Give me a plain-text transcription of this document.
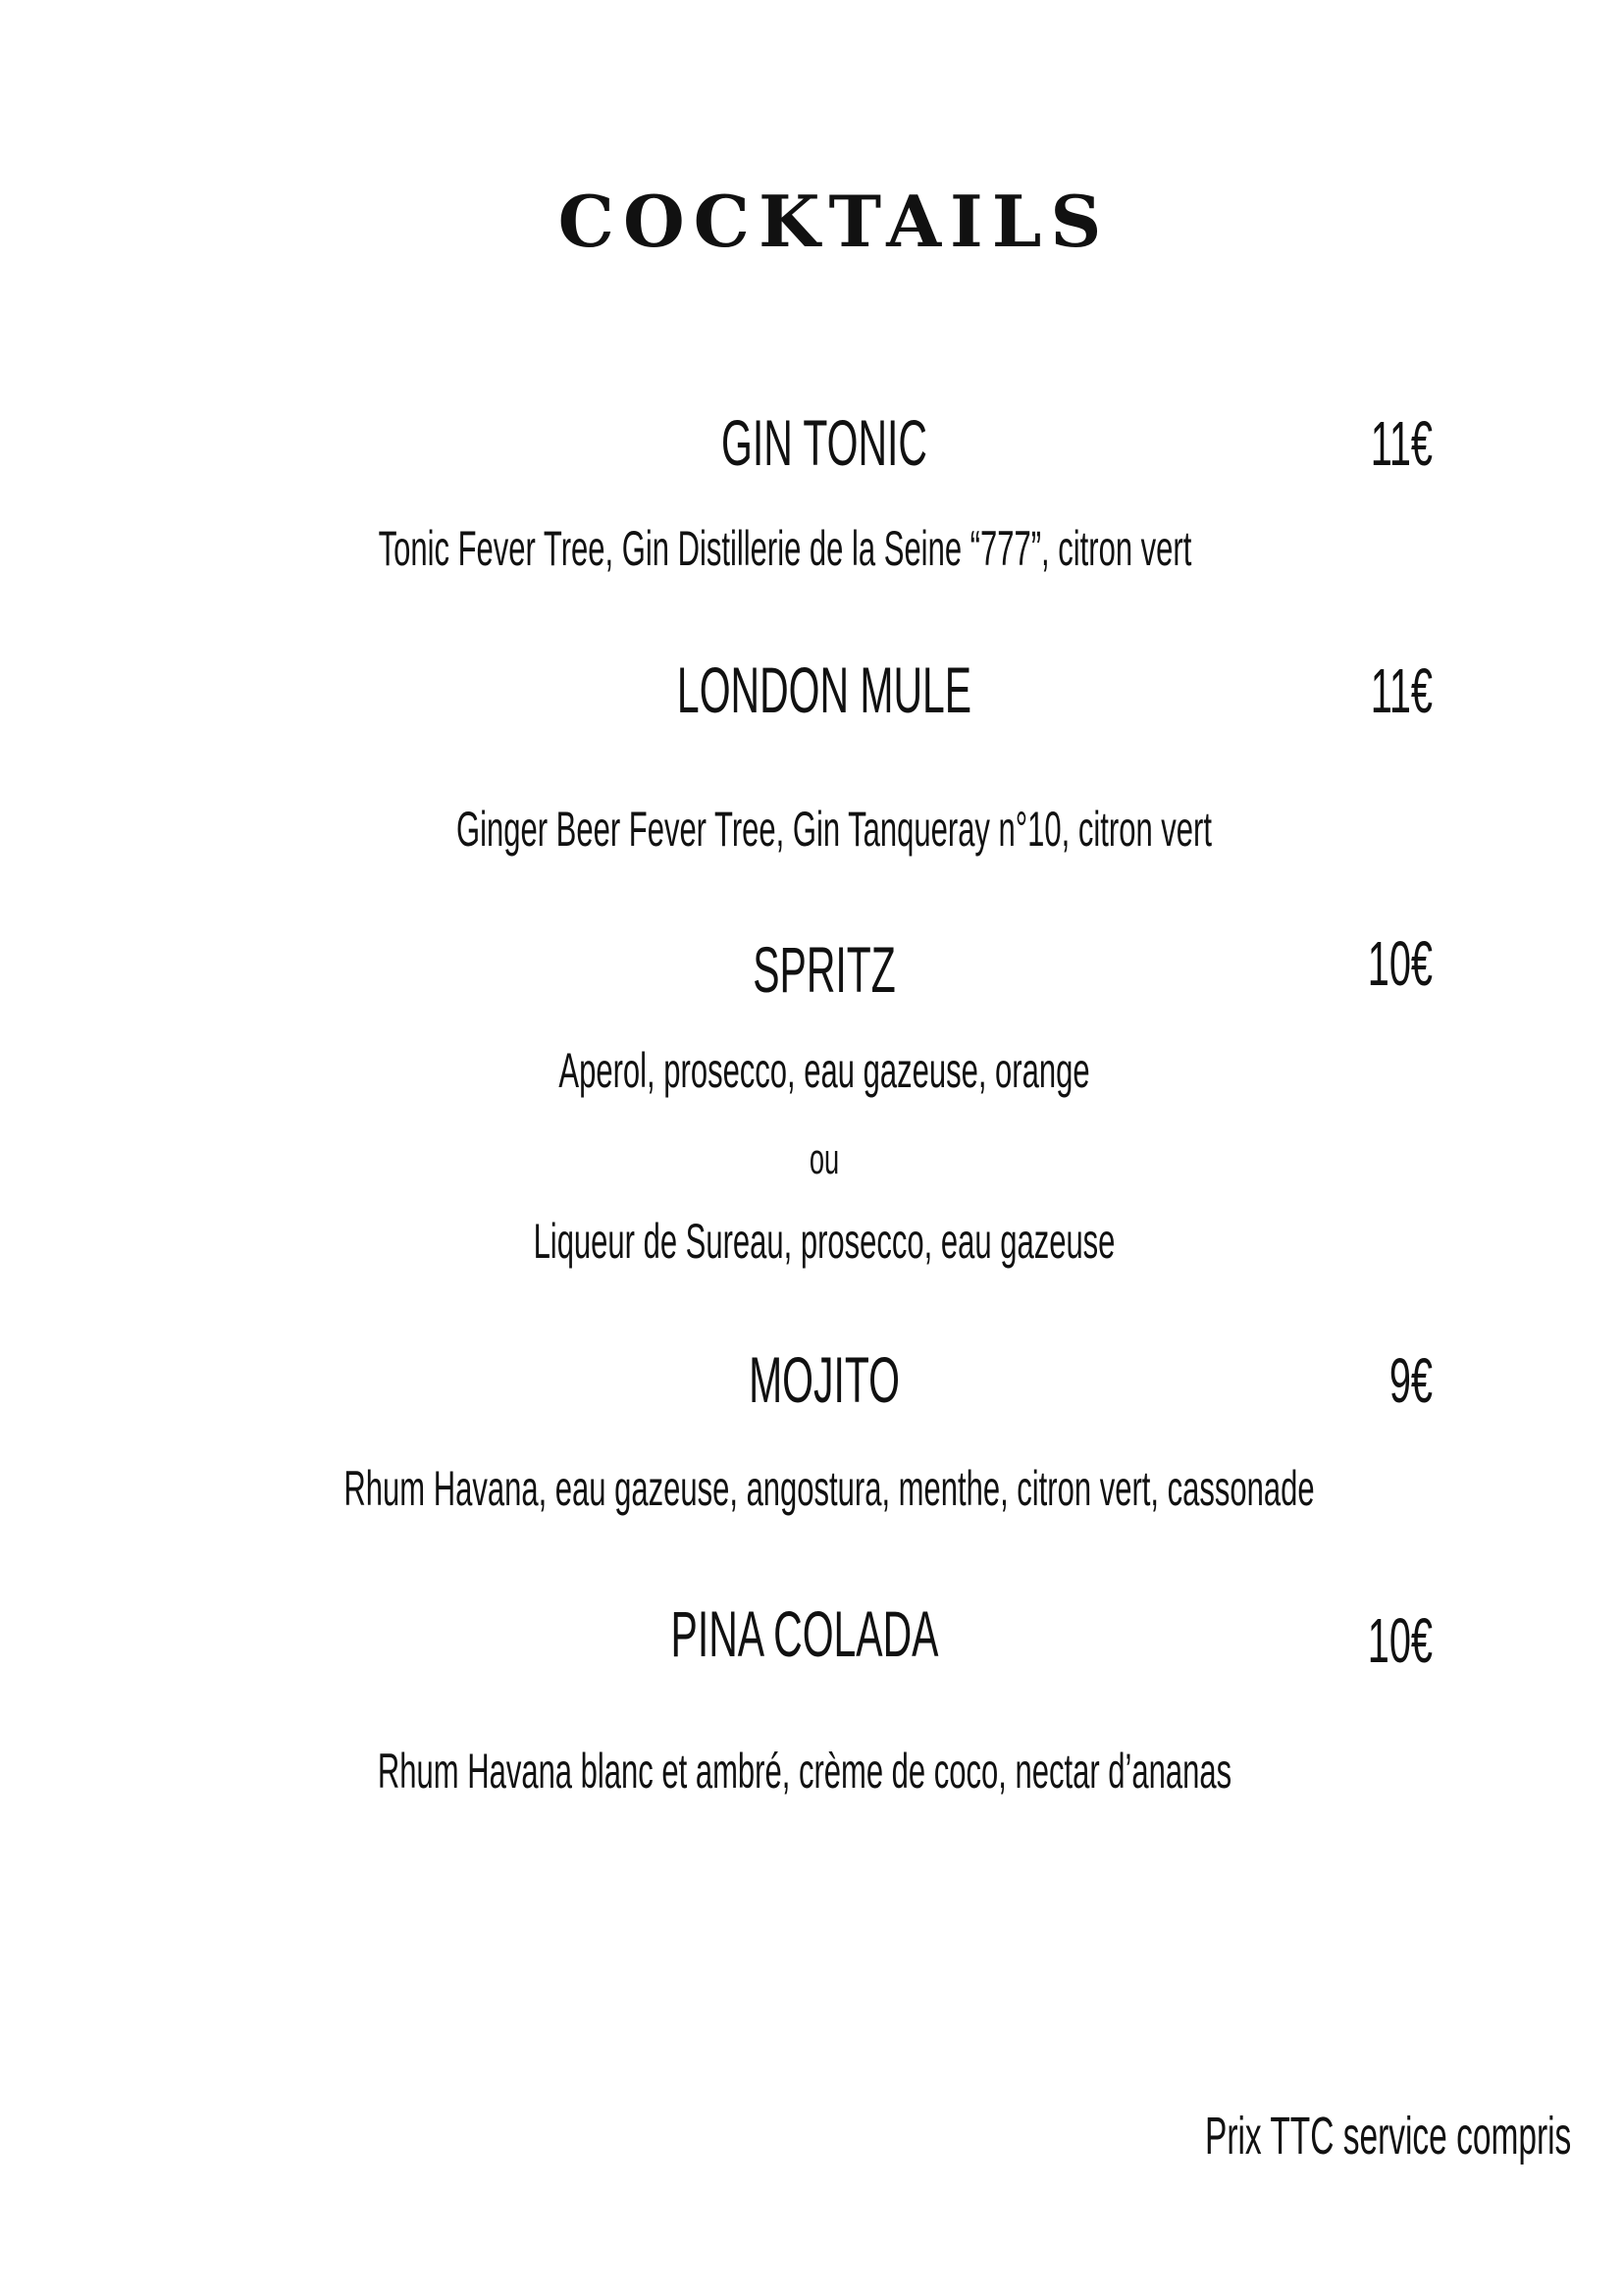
COCKTAILS
GIN TONIC	11€
Tonic Fever Tree, Gin Distillerie de la Seine “777”, citron vert
LONDON MULE	11€
Ginger Beer Fever Tree, Gin Tanqueray n°10, citron vert
SPRITZ	10€
Aperol, prosecco, eau gazeuse, orange
ou
Liqueur de Sureau, prosecco, eau gazeuse
MOJITO	9€
Rhum Havana, eau gazeuse, angostura, menthe, citron vert, cassonade
PINA COLADA	10€
Rhum Havana blanc et ambré, crème de coco, nectar d’ananas
Prix TTC service compris
